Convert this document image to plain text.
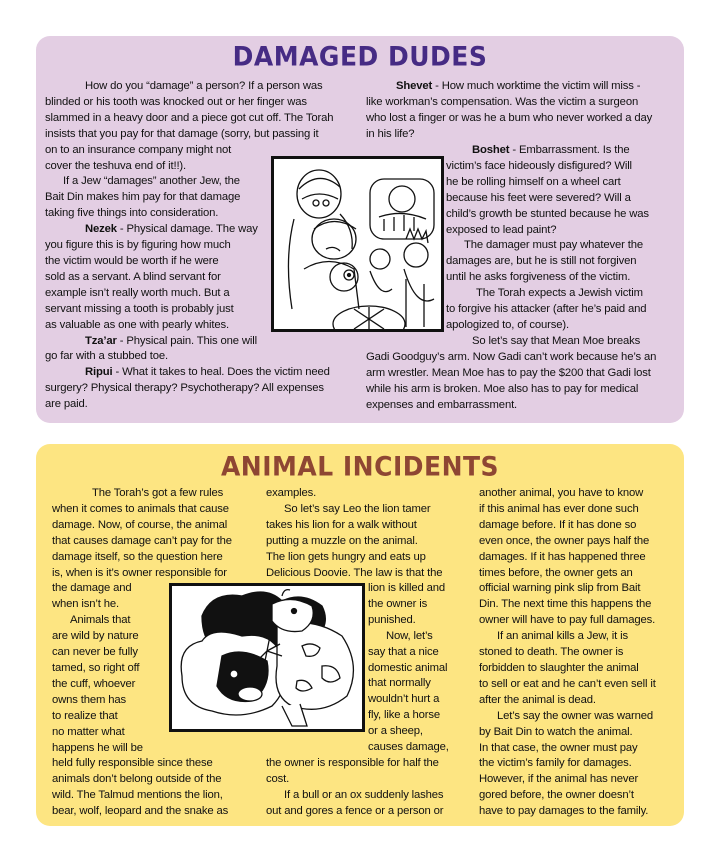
DAMAGED DUDES

How do you “damage” a person? If a person was

blinded or his tooth was knocked out or her finger was

slammed in a heavy door and a piece got cut off. The Torah

insists that you pay for that damage (sorry, but passing it

on to an insurance company might not

cover the teshuva end of it!!).

If a Jew “damages” another Jew, the

Bait Din makes him pay for that damage

taking five things into consideration.

Nezek - Physical damage. The way

you figure this is by figuring how much

the victim would be worth if he were

sold as a servant. A blind servant for

example isn’t really worth much. But a

servant missing a tooth is probably just

as valuable as one with pearly whites.

Tza’ar - Physical pain. This one will

go far with a stubbed toe.

Ripui - What it takes to heal. Does the victim need

surgery? Physical therapy? Psychotherapy? All expenses

are paid.

Shevet - How much worktime the victim will miss -

like workman’s compensation. Was the victim a surgeon

who lost a finger or was he a bum who never worked a day

in his life?

Boshet - Embarrassment. Is the

victim’s face hideously disfigured? Will

he be rolling himself on a wheel cart

because his feet were severed? Will a

child’s growth be stunted because he was

exposed to lead paint?

The damager must pay whatever the

damages are, but he is still not forgiven

until he asks forgiveness of the victim.

The Torah expects a Jewish victim

to forgive his attacker (after he’s paid and

apologized to, of course).

So let’s say that Mean Moe breaks

Gadi Goodguy’s arm. Now Gadi can’t work because he’s an

arm wrestler. Mean Moe has to pay the $200 that Gadi lost

while his arm is broken. Moe also has to pay for medical

expenses and embarrassment.

ANIMAL INCIDENTS

The Torah’s got a few rules

when it comes to animals that cause

damage. Now, of course, the animal

that causes damage can’t pay for the

damage itself, so the question here

is, when is it’s owner responsible for

the damage and

when isn’t he.

Animals that

are wild by nature

can never be fully

tamed, so right off

the cuff, whoever

owns them has

to realize that

no matter what

happens he will be

held fully responsible since these

animals don’t belong outside of the

wild. The Talmud mentions the lion,

bear, wolf, leopard and the snake as

examples.

So let’s say Leo the lion tamer

takes his lion for a walk without

putting a muzzle on the animal.

The lion gets hungry and eats up

Delicious Doovie. The law is that the

lion is killed and

the owner is

punished.

Now, let’s

say that a nice

domestic animal

that normally

wouldn’t hurt a

fly, like a horse

or a sheep,

causes damage,

the owner is responsible for half the

cost.

If a bull or an ox suddenly lashes

out and gores a fence or a person or

another animal, you have to know

if this animal has ever done such

damage before. If it has done so

even once, the owner pays half the

damages. If it has happened three

times before, the owner gets an

official warning pink slip from Bait

Din. The next time this happens the

owner will have to pay full damages.

If an animal kills a Jew, it is

stoned to death. The owner is

forbidden to slaughter the animal

to sell or eat and he can’t even sell it

after the animal is dead.

Let’s say the owner was warned

by Bait Din to watch the animal.

In that case, the owner must pay

the victim’s family for damages.

However, if the animal has never

gored before, the owner doesn’t

have to pay damages to the family.
